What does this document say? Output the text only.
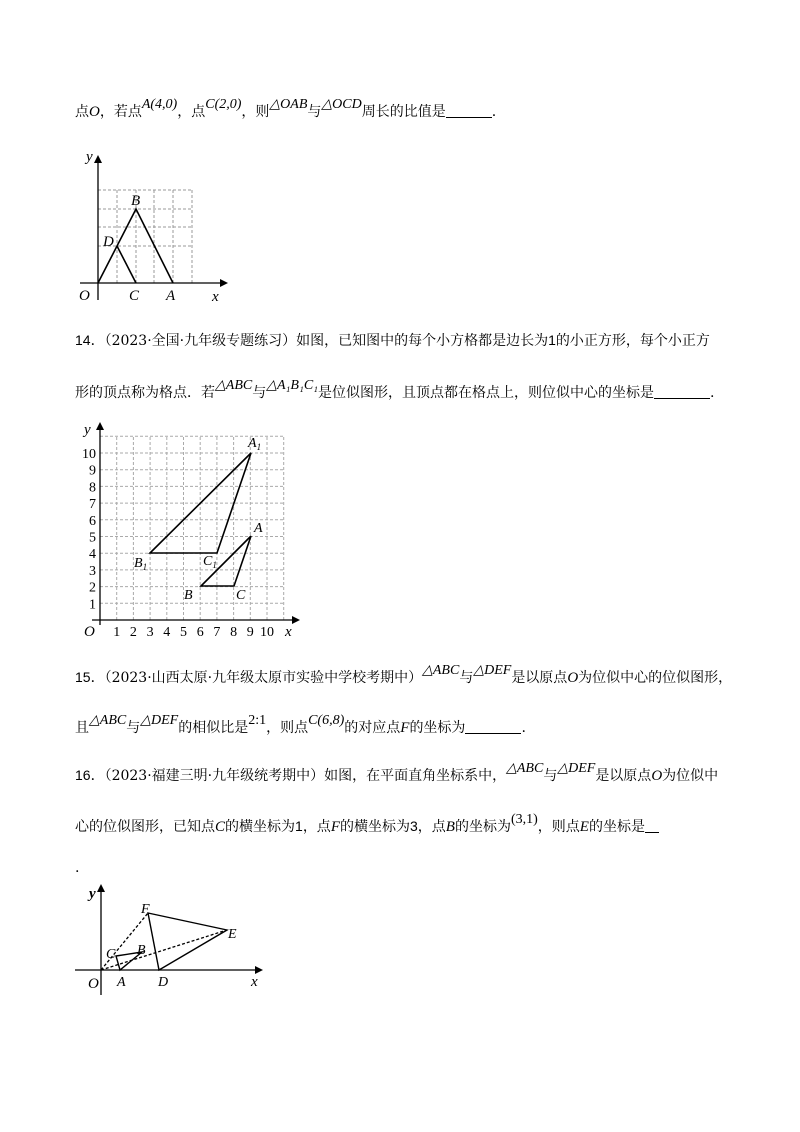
点O，若点A(4,0)，点C(2,0)，则△OAB与△OCD周长的比值是	.
y
x
O
B
D
C A
14．（2023·全国·九年级专题练习）如图，已知图中的每个小方格都是边长为1的小正方形，每个小正方
形的顶点称为格点．若△ABC与△A₁B₁C₁是位似图形，且顶点都在格点上，则位似中心的坐标是	.
1
2
3
4
5
6
7
8
9
10
1 2 3 4 5 6 7 8 9 10
y
x
O
$A_1$
$B_1$	$C_1$
A
B	C
15．（2023·山西太原·九年级太原市实验中学校考期中）△ABC与△DEF是以原点O为位似中心的位似图形，
且△ABC与△DEF的相似比是2:1，则点C(6,8)的对应点F的坐标为	.
16．（2023·福建三明·九年级统考期中）如图，在平面直角坐标系中，△ABC与△DEF是以原点O为位似中
心的位似图形，已知点C的横坐标为1，点F的横坐标为3，点B的坐标为(3,1)，则点E的坐标是
.
y
x
O
F
E
C B
A D
